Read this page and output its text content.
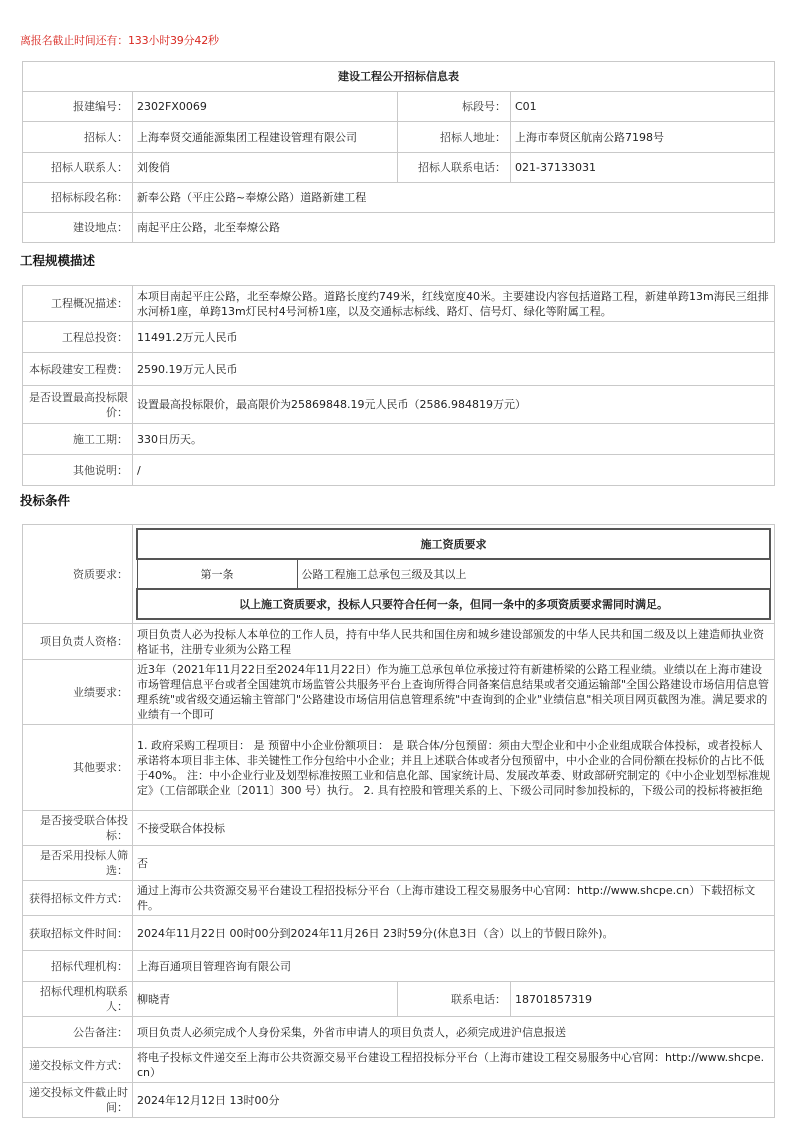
离报名截止时间还有：133小时39分42秒
建设工程公开招标信息表			
报建编号：	2302FX0069	标段号：	C01
招标人：	上海奉贤交通能源集团工程建设管理有限公司	招标人地址：	上海市奉贤区航南公路7198号
招标人联系人：	刘俊俏	招标人联系电话：	021-37133031
招标标段名称：	新奉公路（平庄公路~奉燎公路）道路新建工程		
建设地点：	南起平庄公路，北至奉燎公路		
工程规模描述
工程概况描述：	本项目南起平庄公路，北至奉燎公路。道路长度约749米，红线宽度40米。主要建设内容包括道路工程，新建单跨13m海民三组排水河桥1座，单跨13m灯民村4号河桥1座，以及交通标志标线、路灯、信号灯、绿化等附属工程。
工程总投资：	11491.2万元人民币
本标段建安工程费：	2590.19万元人民币
是否设置最高投标限价：	设置最高投标限价，最高限价为25869848.19元人民币（2586.984819万元）
施工工期：	330日历天。
其他说明：	/
投标条件
资质要求：	
施工资质要求
第一条	公路工程施工总承包三级及其以上
以上施工资质要求，投标人只要符合任何一条，但同一条中的多项资质要求需同时满足。

项目负责人资格：	项目负责人必为投标人本单位的工作人员，持有中华人民共和国住房和城乡建设部颁发的中华人民共和国二级及以上建造师执业资格证书，注册专业须为公路工程
业绩要求：	近3年（2021年11月22日至2024年11月22日）作为施工总承包单位承接过符有新建桥梁的公路工程业绩。业绩以在上海市建设市场管理信息平台或者全国建筑市场监管公共服务平台上查询所得合同备案信息结果或者交通运输部"全国公路建设市场信用信息管理系统"或省级交通运输主管部门"公路建设市场信用信息管理系统"中查询到的企业"业绩信息"相关项目网页截图为准。满足要求的业绩有一个即可
其他要求：	1. 政府采购工程项目： 是 预留中小企业份额项目： 是 联合体/分包预留：须由大型企业和中小企业组成联合体投标，或者投标人承诺将本项目非主体、非关键性工作分包给中小企业；并且上述联合体或者分包预留中，中小企业的合同份额在投标价的占比不低于40%。 注：中小企业行业及划型标准按照工业和信息化部、国家统计局、发展改革委、财政部研究制定的《中小企业划型标准规定》（工信部联企业〔2011〕300 号）执行。 2. 具有控股和管理关系的上、下级公司同时参加投标的，下级公司的投标将被拒绝
是否接受联合体投标：	不接受联合体投标
是否采用投标人筛选：	否
获得招标文件方式：	通过上海市公共资源交易平台建设工程招投标分平台（上海市建设工程交易服务中心官网：http://www.shcpe.cn）下载招标文件。
获取招标文件时间：	2024年11月22日 00时00分到2024年11月26日 23时59分(休息3日（含）以上的节假日除外)。
招标代理机构：	上海百通项目管理咨询有限公司
招标代理机构联系人：	柳晓青	联系电话：	18701857319
公告备注：	项目负责人必须完成个人身份采集，外省市申请人的项目负责人，必须完成进沪信息报送
递交投标文件方式：	将电子投标文件递交至上海市公共资源交易平台建设工程招投标分平台（上海市建设工程交易服务中心官网：http://www.shcpe.cn）
递交投标文件截止时间：	2024年12月12日 13时00分
